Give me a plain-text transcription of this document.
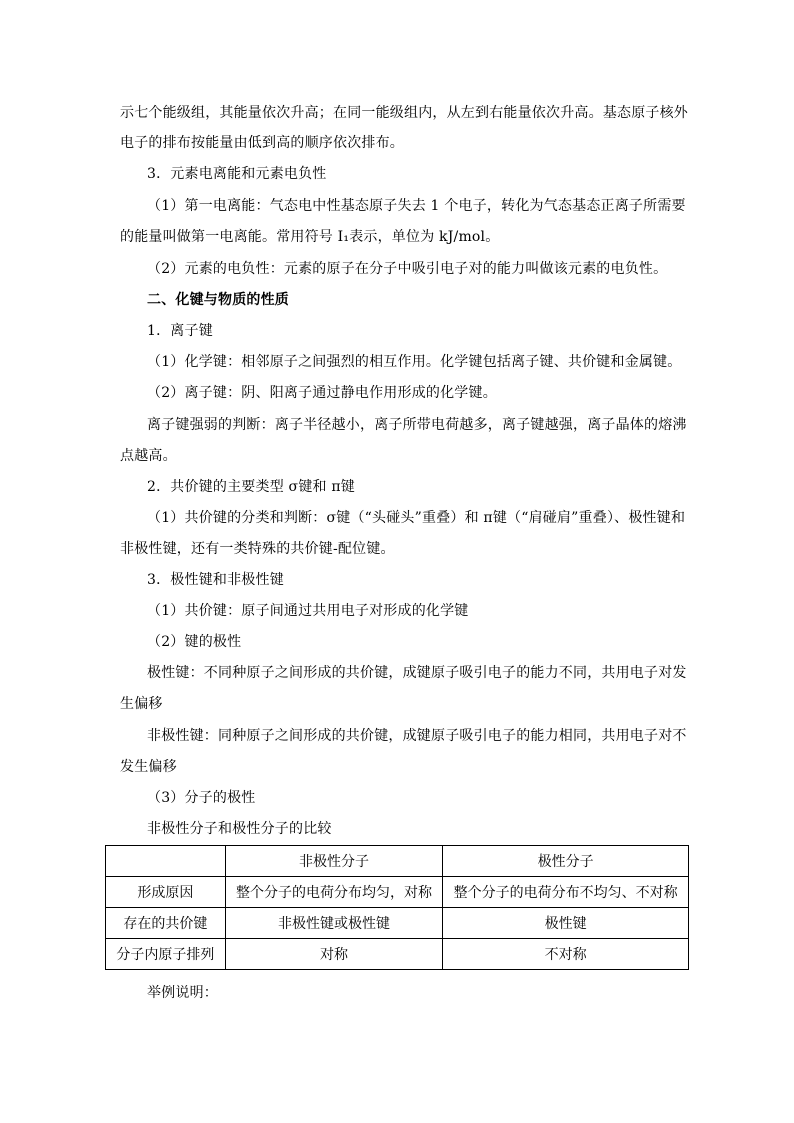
示七个能级组，其能量依次升高；在同一能级组内，从左到右能量依次升高。基态原子核外
电子的排布按能量由低到高的顺序依次排布。
3．元素电离能和元素电负性
（1）第一电离能：气态电中性基态原子失去 1 个电子，转化为气态基态正离子所需要
的能量叫做第一电离能。常用符号 I₁表示，单位为 kJ/mol。
（2）元素的电负性：元素的原子在分子中吸引电子对的能力叫做该元素的电负性。
二、化键与物质的性质
1．离子键
（1）化学键：相邻原子之间强烈的相互作用。化学键包括离子键、共价键和金属键。
（2）离子键：阴、阳离子通过静电作用形成的化学键。
离子键强弱的判断：离子半径越小，离子所带电荷越多，离子键越强，离子晶体的熔沸
点越高。
2．共价键的主要类型 σ键和 π键
（1）共价键的分类和判断：σ键（“头碰头”重叠）和 π键（“肩碰肩”重叠）、极性键和
非极性键，还有一类特殊的共价键-配位键。
3．极性键和非极性键
（1）共价键：原子间通过共用电子对形成的化学键
（2）键的极性
极性键：不同种原子之间形成的共价键，成键原子吸引电子的能力不同，共用电子对发
生偏移
非极性键：同种原子之间形成的共价键，成键原子吸引电子的能力相同，共用电子对不
发生偏移
（3）分子的极性
非极性分子和极性分子的比较
	非极性分子	极性分子
形成原因	整个分子的电荷分布均匀，对称	整个分子的电荷分布不均匀、不对称
存在的共价键	非极性键或极性键	极性键
分子内原子排列	对称	不对称
举例说明：
